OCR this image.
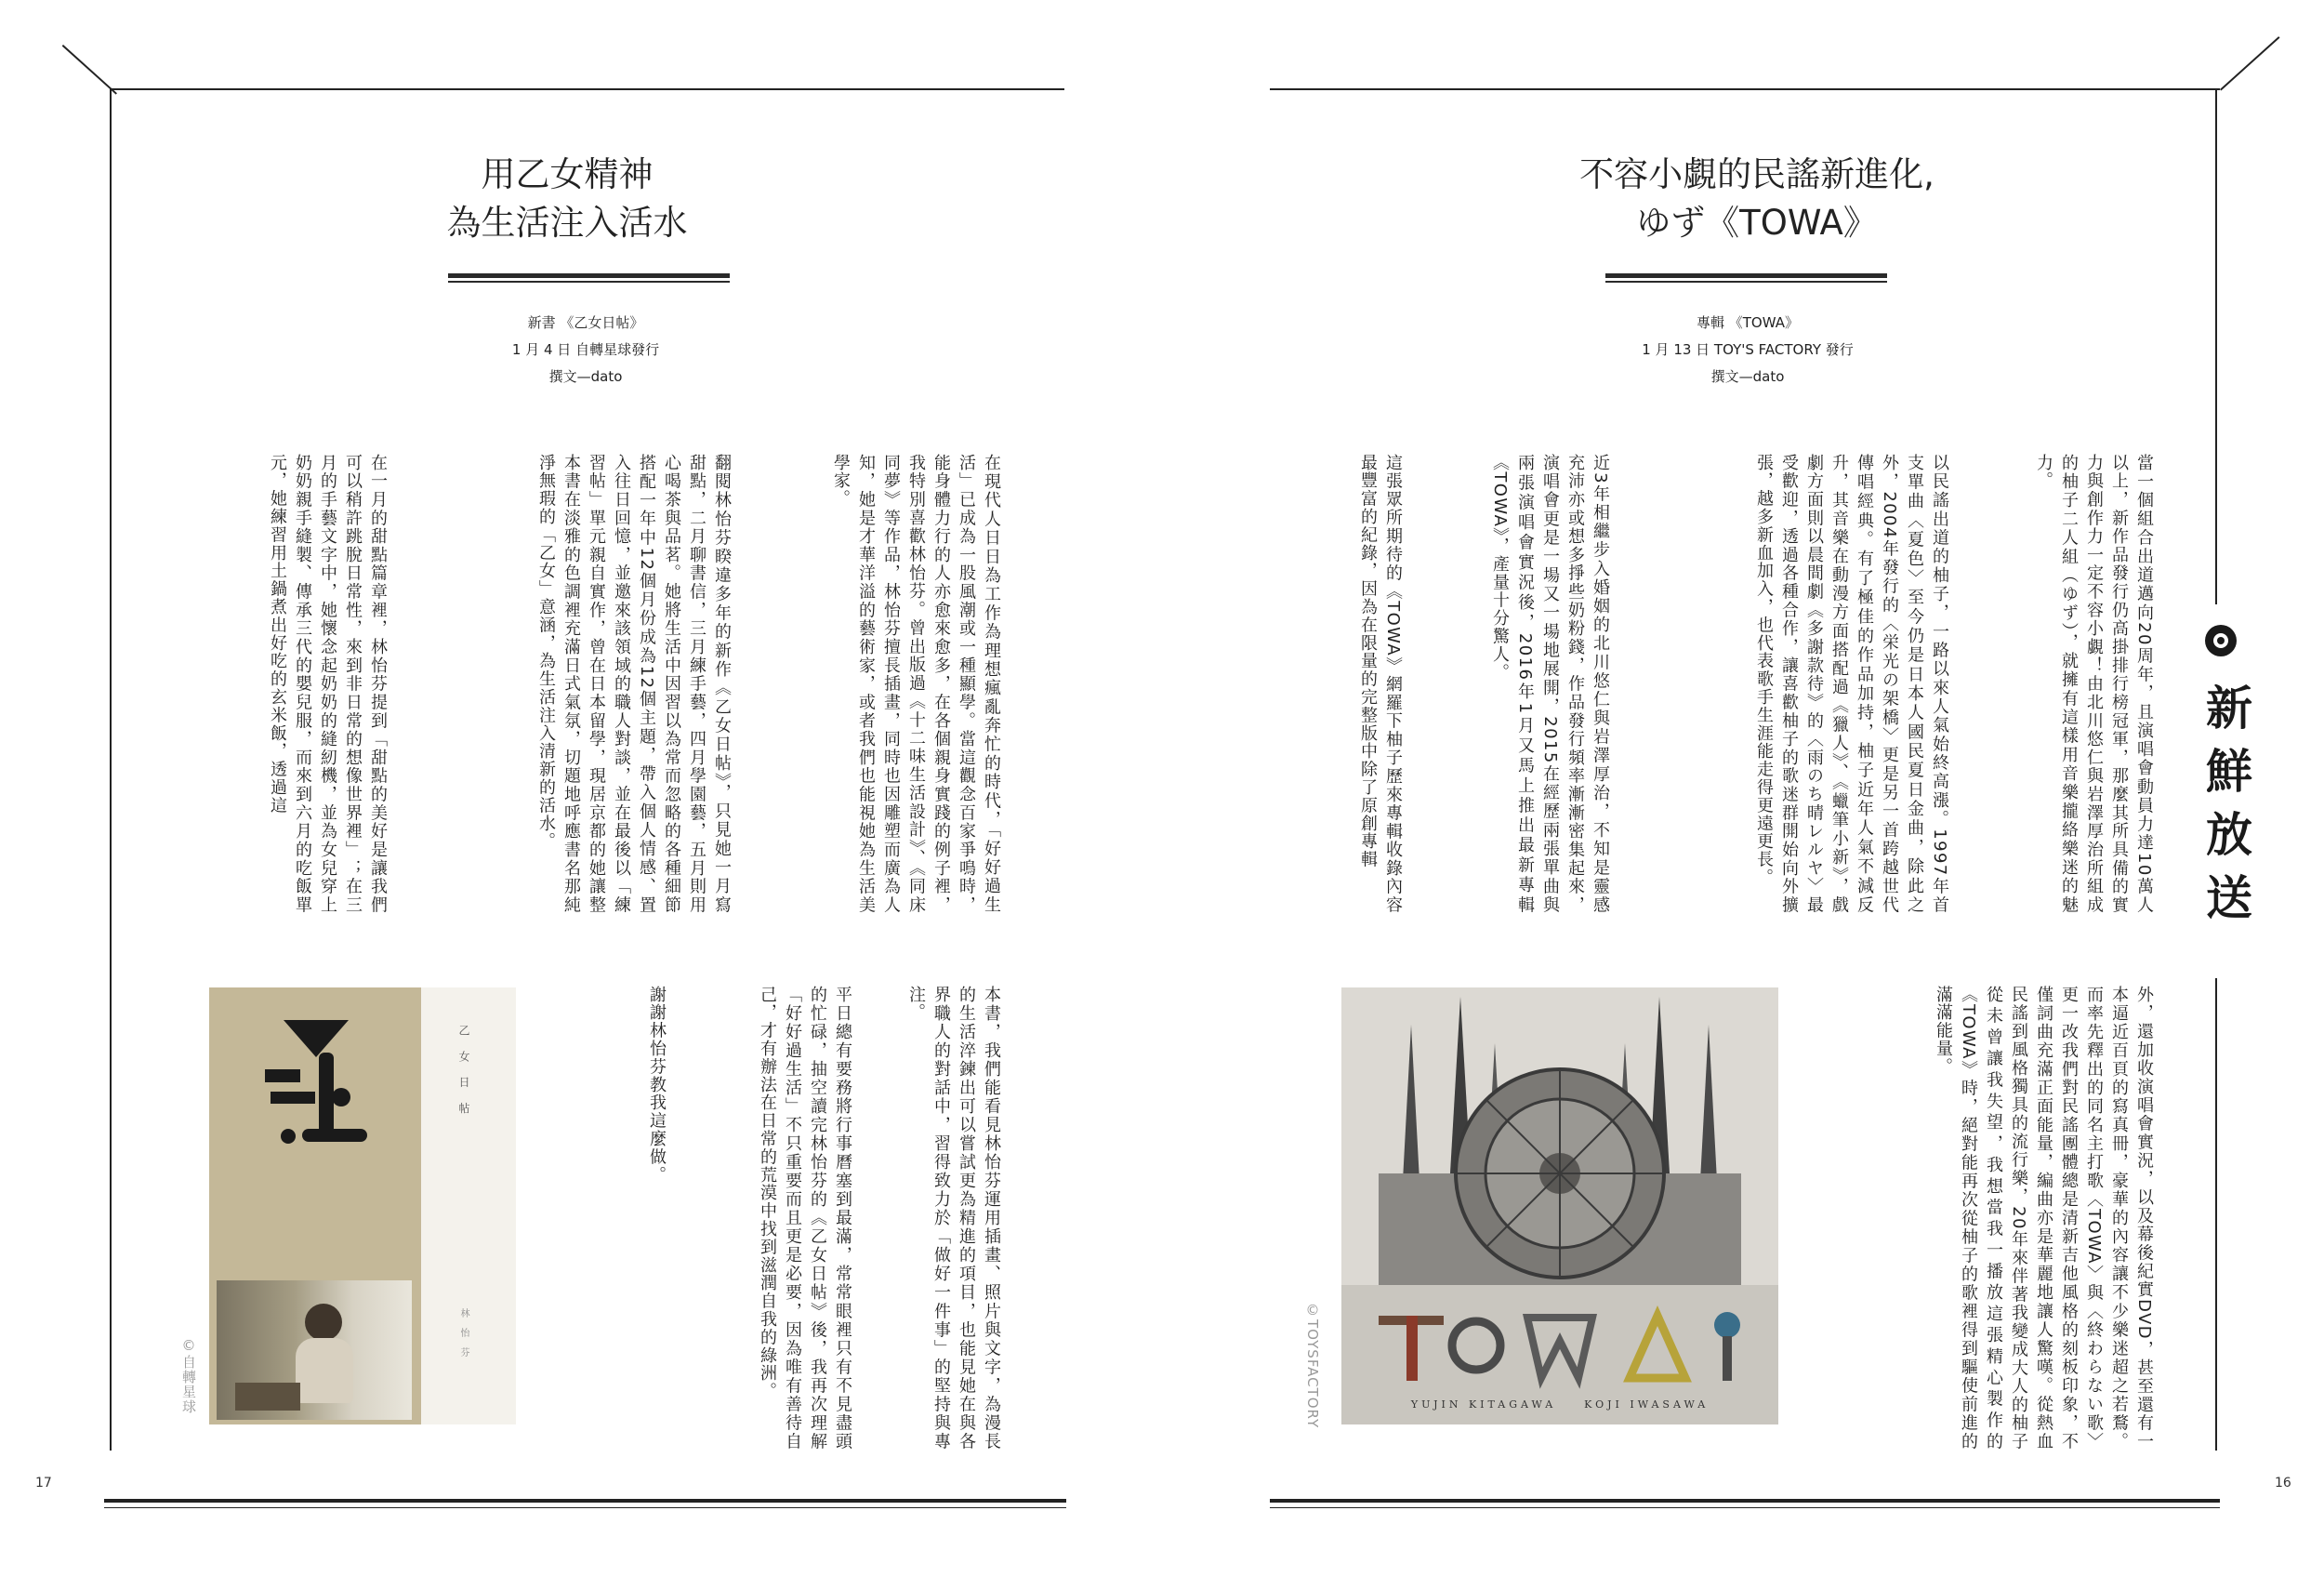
用乙女精神
為生活注入活水
新書 《乙女日帖》
1 月 4 日 自轉星球發行
撰文—dato
在現代人日日為工作為理想瘋亂奔忙的時代，「好好過生活」已成為一股風潮或一種顯學。當這觀念百家爭鳴時，能身體力行的人亦愈來愈多，在各個親身實踐的例子裡，我特別喜歡林怡芬。曾出版過《十二味生活設計》、《同床同夢》等作品，林怡芬擅長插畫，同時也因雕塑而廣為人知，她是才華洋溢的藝術家，或者我們也能視她為生活美學家。
翻閱林怡芬睽違多年的新作《乙女日帖》，只見她一月寫甜點，二月聊書信，三月練手藝，四月學園藝，五月則用心喝茶與品茗。她將生活中因習以為常而忽略的各種細節搭配一年中12個月份成為12個主題，帶入個人情感、置入往日回憶，並邀來該領域的職人對談，並在最後以「練習帖」單元親自實作，曾在日本留學，現居京都的她讓整本書在淡雅的色調裡充滿日式氣氛，切題地呼應書名那純淨無瑕的「乙女」意涵，為生活注入清新的活水。
在一月的甜點篇章裡，林怡芬提到「甜點的美好是讓我們可以稍許跳脫日常性，來到非日常的想像世界裡」；在三月的手藝文字中，她懷念起奶奶的縫紉機，並為女兒穿上奶奶親手縫製、傳承三代的嬰兒服，而來到六月的吃飯單元，她練習用土鍋煮出好吃的玄米飯，透過這
本書，我們能看見林怡芬運用插畫、照片與文字，為漫長的生活淬鍊出可以嘗試更為精進的項目，也能見她在與各界職人的對話中，習得致力於「做好一件事」的堅持與專注。
平日總有要務將行事曆塞到最滿，常常眼裡只有不見盡頭的忙碌，抽空讀完林怡芬的《乙女日帖》後，我再次理解「好好過生活」不只重要而且更是必要，因為唯有善待自己，才有辦法在日常的荒漠中找到滋潤自我的綠洲。
謝謝林怡芬教我這麼做。
乙 女 日 帖
林 怡 芬
©自轉星球
17
不容小覷的民謠新進化,
ゆず《TOWA》
專輯 《TOWA》
1 月 13 日 TOY'S FACTORY 發行
撰文—dato
當一個組合出道邁向20周年，且演唱會動員力達10萬人以上，新作品發行仍高掛排行榜冠軍，那麼其所具備的實力與創作力一定不容小覷！由北川悠仁與岩澤厚治所組成的柚子二人組（ゆず），就擁有這樣用音樂攏絡樂迷的魅力。
以民謠出道的柚子，一路以來人氣始終高漲。1997年首支單曲〈夏色〉至今仍是日本人國民夏日金曲，除此之外，2004年發行的〈栄光の架橋〉更是另一首跨越世代傳唱經典。有了極佳的作品加持，柚子近年人氣不減反升，其音樂在動漫方面搭配過《獵人》、《蠟筆小新》，戲劇方面則以晨間劇《多謝款待》的〈雨のち晴レルヤ〉最受歡迎，透過各種合作，讓喜歡柚子的歌迷群開始向外擴張，越多新血加入，也代表歌手生涯能走得更遠更長。
近3年相繼步入婚姻的北川悠仁與岩澤厚治，不知是靈感充沛亦或想多掙些奶粉錢，作品發行頻率漸漸密集起來，演唱會更是一場又一場地展開，2015在經歷兩張單曲與兩張演唱會實況後，2016年1月又馬上推出最新專輯《TOWA》，產量十分驚人。
這張眾所期待的《TOWA》網羅下柚子歷來專輯收錄內容最豐富的紀錄，因為在限量的完整版中除了原創專輯
外，還加收演唱會實況，以及幕後紀實DVD，甚至還有一本逼近百頁的寫真冊，豪華的內容讓不少樂迷超之若鶩。而率先釋出的同名主打歌〈TOWA〉與〈終わらない歌〉更一改我們對民謠團體總是清新吉他風格的刻板印象，不僅詞曲充滿正面能量，編曲亦是華麗地讓人驚嘆。從熱血民謠到風格獨具的流行樂，20年來伴著我變成大人的柚子從未曾讓我失望，我想當我一播放這張精心製作的《TOWA》時，絕對能再次從柚子的歌裡得到驅使前進的滿滿能量。
新鮮放送
YUJIN KITAGAWA    KOJI IWASAWA
©TOYSFACTORY
16
